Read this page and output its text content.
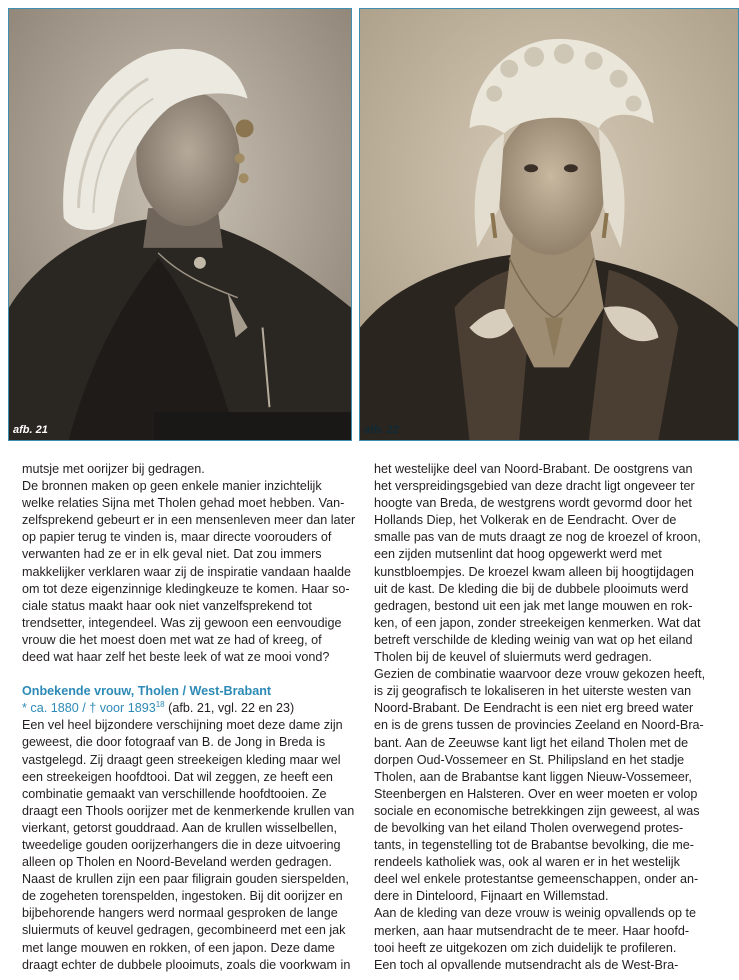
afb. 21	afb. 22

mutsje met oorijzer bij gedragen.

De bronnen maken op geen enkele manier inzichtelijk

welke relaties Sijna met Tholen gehad moet hebben. Van-

zelfsprekend gebeurt er in een mensenleven meer dan later

op papier terug te vinden is, maar directe voorouders of

verwanten had ze er in elk geval niet. Dat zou immers

makkelijker verklaren waar zij de inspiratie vandaan haalde

om tot deze eigenzinnige kledingkeuze te komen. Haar so-

ciale status maakt haar ook niet vanzelfsprekend tot

trendsetter, integendeel. Was zij gewoon een eenvoudige

vrouw die het moest doen met wat ze had of kreeg, of

deed wat haar zelf het beste leek of wat ze mooi vond?

Onbekende vrouw, Tholen / West-Brabant

* ca. 1880 / † voor 1893$^{18}$ (afb. 21, vgl. 22 en 23)

Een vel heel bijzondere verschijning moet deze dame zijn

geweest, die door fotograaf van B. de Jong in Breda is

vastgelegd. Zij draagt geen streekeigen kleding maar wel

een streekeigen hoofdtooi. Dat wil zeggen, ze heeft een

combinatie gemaakt van verschillende hoofdtooien. Ze

draagt een Thools oorijzer met de kenmerkende krullen van

vierkant, getorst gouddraad. Aan de krullen wisselbellen,

tweedelige gouden oorijzerhangers die in deze uitvoering

alleen op Tholen en Noord-Beveland werden gedragen.

Naast de krullen zijn een paar filigrain gouden sierspelden,

de zogeheten torenspelden, ingestoken. Bij dit oorijzer en

bijbehorende hangers werd normaal gesproken de lange

sluiermuts of keuvel gedragen, gecombineerd met een jak

met lange mouwen en rokken, of een japon. Deze dame

draagt echter de dubbele plooimuts, zoals die voorkwam in

het westelijke deel van Noord-Brabant. De oostgrens van

het verspreidingsgebied van deze dracht ligt ongeveer ter

hoogte van Breda, de westgrens wordt gevormd door het

Hollands Diep, het Volkerak en de Eendracht. Over de

smalle pas van de muts draagt ze nog de kroezel of kroon,

een zijden mutsenlint dat hoog opgewerkt werd met

kunstbloempjes. De kroezel kwam alleen bij hoogtijdagen

uit de kast. De kleding die bij de dubbele plooimuts werd

gedragen, bestond uit een jak met lange mouwen en rok-

ken, of een japon, zonder streekeigen kenmerken. Wat dat

betreft verschilde de kleding weinig van wat op het eiland

Tholen bij de keuvel of sluiermuts werd gedragen.

Gezien de combinatie waarvoor deze vrouw gekozen heeft,

is zij geografisch te lokaliseren in het uiterste westen van

Noord-Brabant. De Eendracht is een niet erg breed water

en is de grens tussen de provincies Zeeland en Noord-Bra-

bant. Aan de Zeeuwse kant ligt het eiland Tholen met de

dorpen Oud-Vossemeer en St. Philipsland en het stadje

Tholen, aan de Brabantse kant liggen Nieuw-Vossemeer,

Steenbergen en Halsteren. Over en weer moeten er volop

sociale en economische betrekkingen zijn geweest, al was

de bevolking van het eiland Tholen overwegend protes-

tants, in tegenstelling tot de Brabantse bevolking, die me-

rendeels katholiek was, ook al waren er in het westelijk

deel wel enkele protestantse gemeenschappen, onder an-

dere in Dinteloord, Fijnaart en Willemstad.

Aan de kleding van deze vrouw is weinig opvallends op te

merken, aan haar mutsendracht de te meer. Haar hoofd-

tooi heeft ze uitgekozen om zich duidelijk te profileren.

Een toch al opvallende mutsendracht als de West-Bra-
